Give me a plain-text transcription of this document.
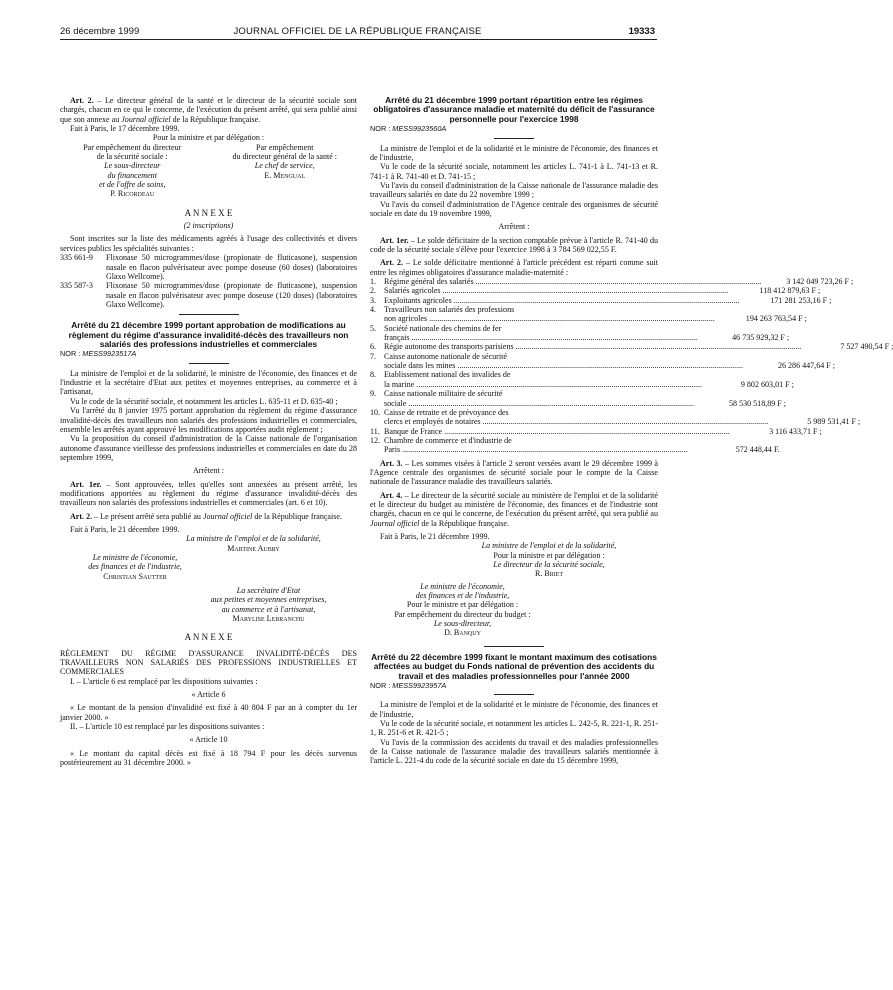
26 décembre 1999	JOURNAL OFFICIEL DE LA RÉPUBLIQUE FRANÇAISE	19333

Art. 2. – Le directeur général de la santé et le directeur de la sécurité sociale sont chargés, chacun en ce qui le concerne, de l'exécution du présent arrêté, qui sera publié ainsi que son annexe au Journal officiel de la République française.

Fait à Paris, le 17 décembre 1999.

Pour la ministre et par délégation :

Par empêchement du directeur
de la sécurité sociale :
Le sous-directeur
du financement
et de l'offre de soins,
P. Ricordeau
Par empêchement
du directeur général de la santé :
Le chef de service,
E. Mengual

A N N E X E

(2 inscriptions)

Sont inscrites sur la liste des médicaments agréés à l'usage des collectivités et divers services publics les spécialités suivantes :

335 661-9	Flixonase 50 microgrammes/dose (propionate de fluticasone), suspension nasale en flacon pulvérisateur avec pompe doseuse (60 doses) (laboratoires Glaxo Wellcome).
335 587-3	Flixonase 50 microgrammes/dose (propionate de fluticasone), suspension nasale en flacon pulvérisateur avec pompe doseuse (120 doses) (laboratoires Glaxo Wellcome).

Arrêté du 21 décembre 1999 portant approbation de modifications au règlement du régime d'assurance invalidité-décès des travailleurs non salariés des professions industrielles et commerciales

NOR : MESS9923517A

La ministre de l'emploi et de la solidarité, le ministre de l'économie, des finances et de l'industrie et la secrétaire d'Etat aux petites et moyennes entreprises, au commerce et à l'artisanat,

Vu le code de la sécurité sociale, et notamment les articles L. 635-11 et D. 635-40 ;

Vu l'arrêté du 8 janvier 1975 portant approbation du règlement du régime d'assurance invalidité-décès des travailleurs non salariés des professions industrielles et commerciales, ensemble les arrêtés ayant approuvé les modifications apportées audit règlement ;

Vu la proposition du conseil d'administration de la Caisse nationale de l'organisation autonome d'assurance vieillesse des professions industrielles et commerciales en date du 28 septembre 1999,

Arrêtent :

Art. 1er. – Sont approuvées, telles qu'elles sont annexées au présent arrêté, les modifications apportées au règlement du régime d'assurance invalidité-décès des travailleurs non salariés des professions industrielles et commerciales (art. 6 et 10).

Art. 2. – Le présent arrêté sera publié au Journal officiel de la République française.

Fait à Paris, le 21 décembre 1999.

La ministre de l'emploi et de la solidarité,
Martine Aubry
Le ministre de l'économie,
des finances et de l'industrie,
Christian Sautter
La secrétaire d'Etat
aux petites et moyennes entreprises,
au commerce et à l'artisanat,
Marylise Lebranchu

A N N E X E

RÈGLEMENT DU RÉGIME D'ASSURANCE INVALIDITÉ-DÉCÈS DES TRAVAILLEURS NON SALARIÉS DES PROFESSIONS INDUSTRIELLES ET COMMERCIALES

I. – L'article 6 est remplacé par les dispositions suivantes :

« Article 6

« Le montant de la pension d'invalidité est fixé à 40 804 F par an à compter du 1er janvier 2000. »

II. – L'article 10 est remplacé par les dispositions suivantes :

« Article 10

« Le montant du capital décès est fixé à 18 794 F pour les décès survenus postérieurement au 31 décembre 2000. »

Arrêté du 21 décembre 1999 portant répartition entre les régimes obligatoires d'assurance maladie et maternité du déficit de l'assurance personnelle pour l'exercice 1998

NOR : MESS9923560A

La ministre de l'emploi et de la solidarité et le ministre de l'économie, des finances et de l'industrie,

Vu le code de la sécurité sociale, notamment les articles L. 741-1 à L. 741-13 et R. 741-1 à R. 741-40 et D. 741-15 ;

Vu l'avis du conseil d'administration de la Caisse nationale de l'assurance maladie des travailleurs salariés en date du 22 novembre 1999 ;

Vu l'avis du conseil d'administration de l'Agence centrale des organismes de sécurité sociale en date du 19 novembre 1999,

Arrêtent :

Art. 1er. – Le solde déficitaire de la section comptable prévue à l'article R. 741-40 du code de la sécurité sociale s'élève pour l'exercice 1998 à 3 784 569 022,55 F.

Art. 2. – Le solde déficitaire mentionné à l'article précédent est réparti comme suit entre les régimes obligatoires d'assurance maladie-maternité :

1. Régime général des salariés .....	3 142 049 723,26 F ;
2. Salariés agricoles .....	118 412 879,63 F ;
3. Exploitants agricoles .....	171 281 253,16 F ;
4. Travailleurs non salariés des professions
non agricoles .....	194 263 763,54 F ;
5. Société nationale des chemins de fer
français .....	46 735 929,32 F ;
6. Régie autonome des transports parisiens .....	7 527 490,54 F ;
7. Caisse autonome nationale de sécurité
sociale dans les mines .....	26 286 447,64 F ;
8. Etablissement national des invalides de
la marine .....	9 802 603,01 F ;
9. Caisse nationale militaire de sécurité
sociale .....	58 530 518,89 F ;
10. Caisse de retraite et de prévoyance des
clercs et employés de notaires .....	5 989 531,41 F ;
11. Banque de France .....	3 116 433,71 F ;
12. Chambre de commerce et d'industrie de
Paris .....	572 448,44 F.

Art. 3. – Les sommes visées à l'article 2 seront versées avant le 29 décembre 1999 à l'Agence centrale des organismes de sécurité sociale pour le compte de la Caisse nationale de l'assurance maladie des travailleurs salariés.

Art. 4. – Le directeur de la sécurité sociale au ministère de l'emploi et de la solidarité et le directeur du budget au ministère de l'économie, des finances et de l'industrie sont chargés, chacun en ce qui le concerne, de l'exécution du présent arrêté, qui sera publié au Journal officiel de la République française.

Fait à Paris, le 21 décembre 1999.

La ministre de l'emploi et de la solidarité,
Pour la ministre et par délégation :
Le directeur de la sécurité sociale,
R. Briet
Le ministre de l'économie,
des finances et de l'industrie,
Pour le ministre et par délégation :
Par empêchement du directeur du budget :
Le sous-directeur,
D. Banquy

Arrêté du 22 décembre 1999 fixant le montant maximum des cotisations affectées au budget du Fonds national de prévention des accidents du travail et des maladies professionnelles pour l'année 2000

NOR : MESS9923957A

La ministre de l'emploi et de la solidarité et le ministre de l'économie, des finances et de l'industrie,

Vu le code de la sécurité sociale, et notamment les articles L. 242-5, R. 221-1, R. 251-1, R. 251-6 et R. 421-5 ;

Vu l'avis de la commission des accidents du travail et des maladies professionnelles de la Caisse nationale de l'assurance maladie des travailleurs salariés mentionnée à l'article L. 221-4 du code de la sécurité sociale en date du 15 décembre 1999,
